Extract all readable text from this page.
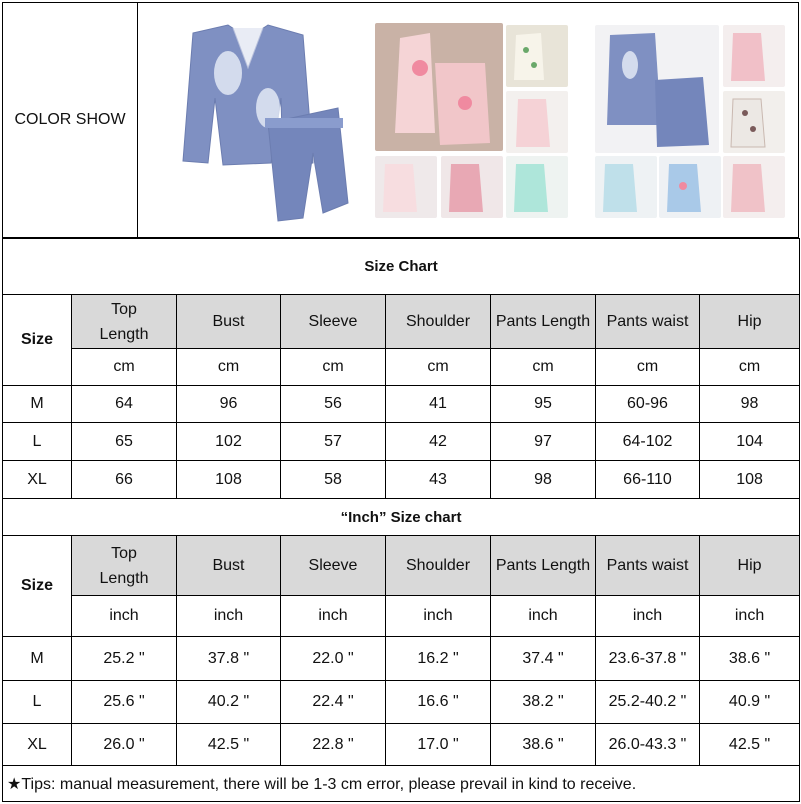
COLOR SHOW
Size Chart							
Size	Top Length	Bust	Sleeve	Shoulder	Pants Length	Pants waist	Hip
	cm	cm	cm	cm	cm	cm	cm
M	64	96	56	41	95	60-96	98
L	65	102	57	42	97	64-102	104
XL	66	108	58	43	98	66-110	108
“Inch” Size chart							
Size	Top Length	Bust	Sleeve	Shoulder	Pants Length	Pants waist	Hip
	inch	inch	inch	inch	inch	inch	inch
M	25.2 "	37.8 "	22.0 "	16.2 "	37.4 "	23.6-37.8 "	38.6 "
L	25.6 "	40.2 "	22.4 "	16.6 "	38.2 "	25.2-40.2 "	40.9 "
XL	26.0 "	42.5 "	22.8 "	17.0 "	38.6 "	26.0-43.3 "	42.5 "
★Tips: manual measurement, there will be 1-3 cm error, please prevail in kind to receive.							
